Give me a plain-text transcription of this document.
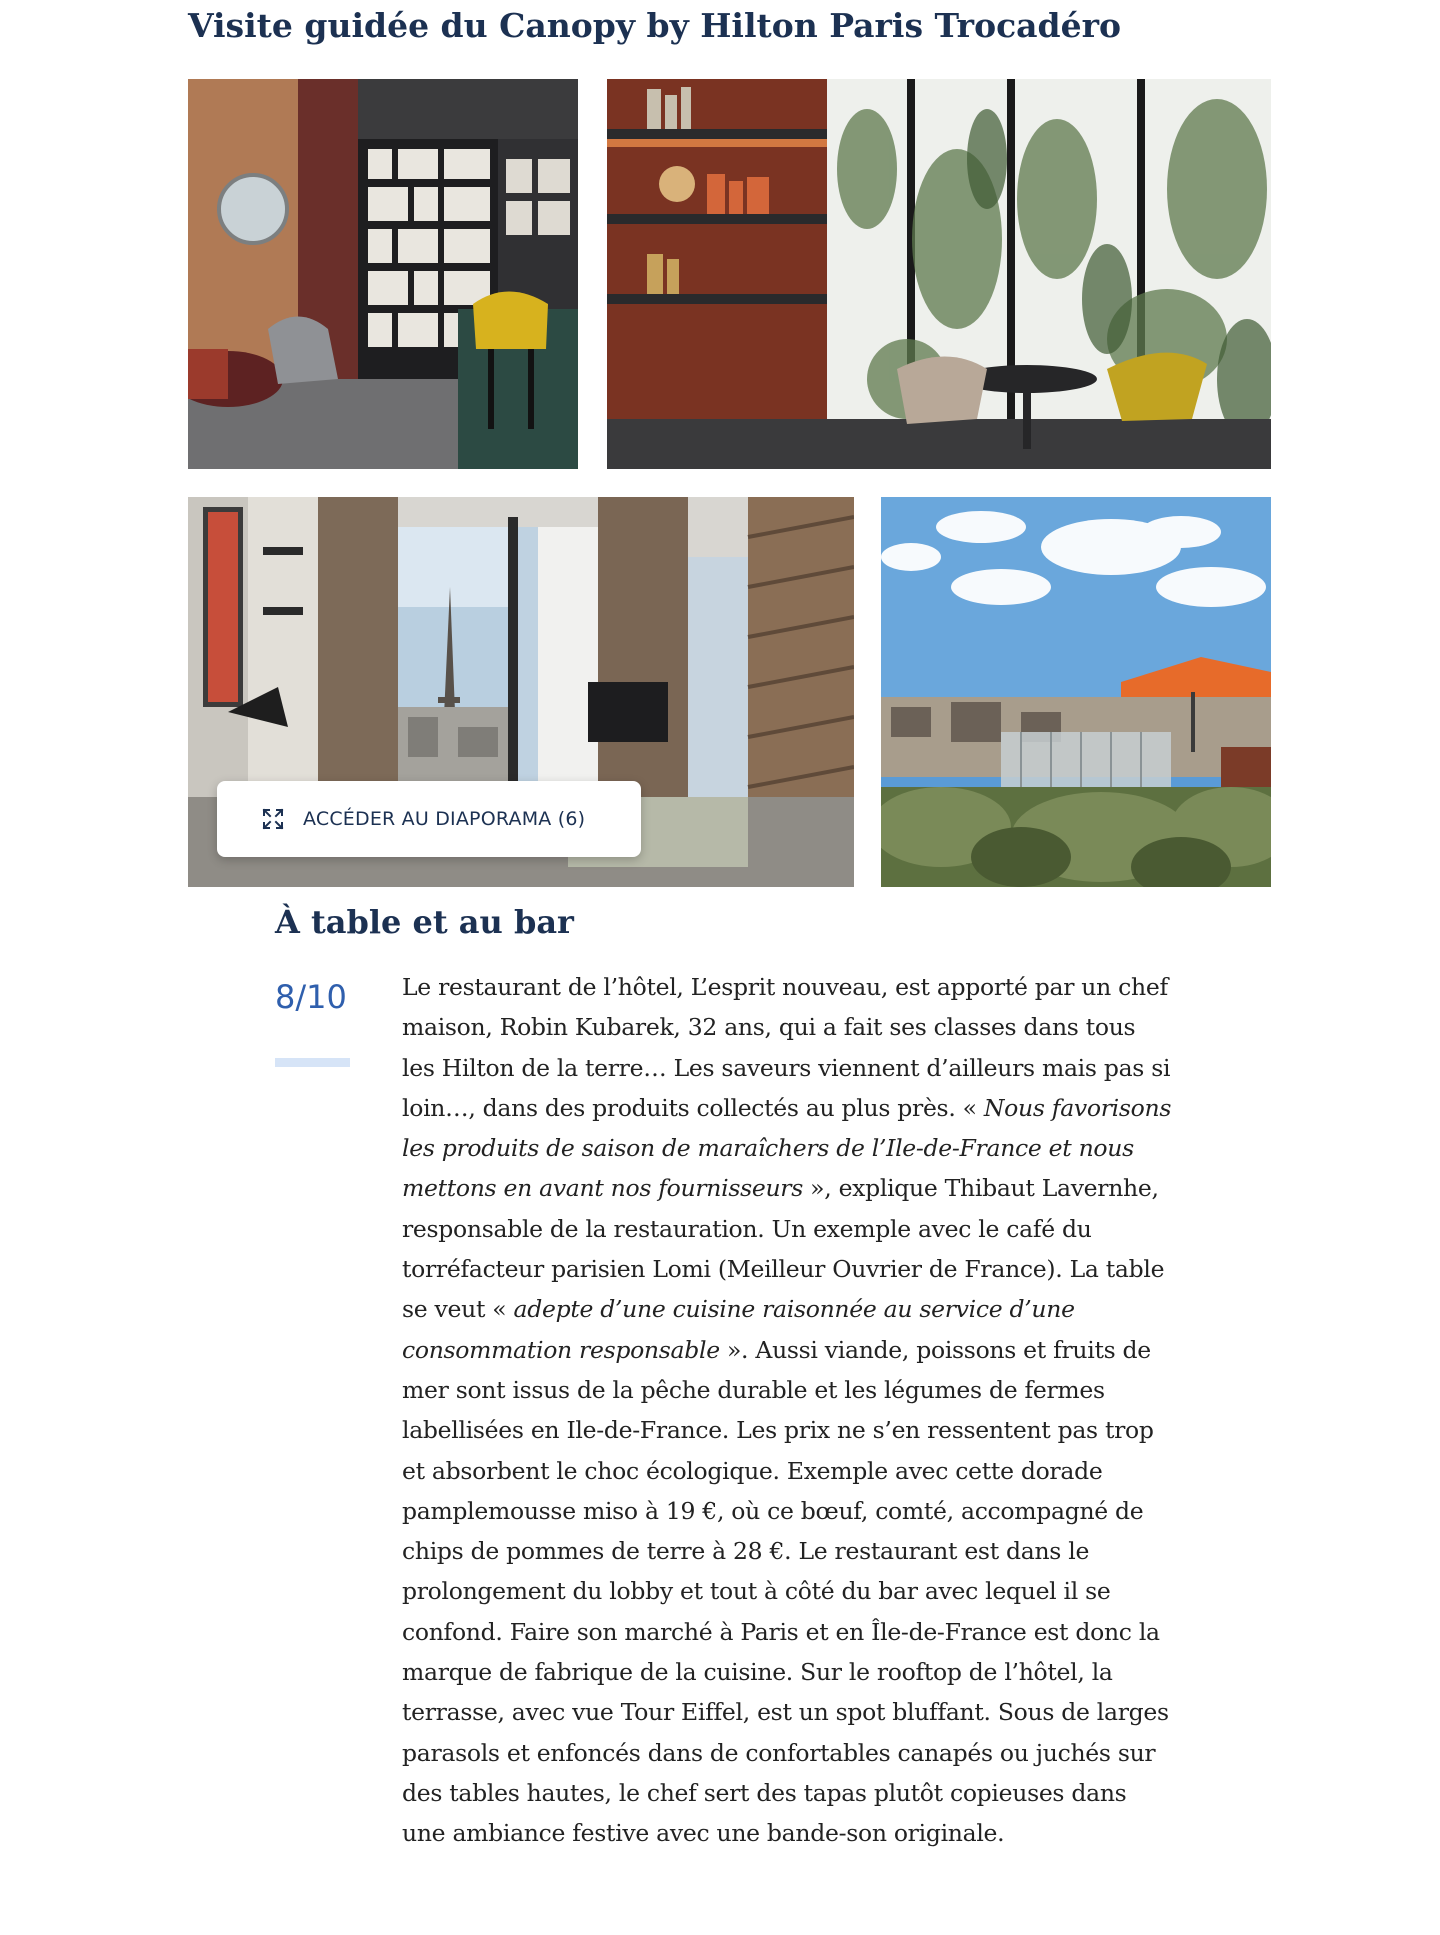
Visite guidée du Canopy by Hilton Paris Trocadéro
ACCÉDER AU DIAPORAMA (6)
À table et au bar
8/10 Le restaurant de l’hôtel, L’esprit nouveau, est apporté par un chef maison, Robin Kubarek, 32 ans, qui a fait ses classes dans tous les Hilton de la terre… Les saveurs viennent d’ailleurs mais pas si loin…, dans des produits collectés au plus près. « Nous favorisons les produits de saison de maraîchers de l’Ile-de-France et nous mettons en avant nos fournisseurs », explique Thibaut Lavernhe, responsable de la restauration. Un exemple avec le café du torréfacteur parisien Lomi (Meilleur Ouvrier de France). La table se veut « adepte d’une cuisine raisonnée au service d’une consommation responsable ». Aussi viande, poissons et fruits de mer sont issus de la pêche durable et les légumes de fermes labellisées en Ile-de-France. Les prix ne s’en ressentent pas trop et absorbent le choc écologique. Exemple avec cette dorade pamplemousse miso à 19 €, où ce bœuf, comté, accompagné de chips de pommes de terre à 28 €. Le restaurant est dans le prolongement du lobby et tout à côté du bar avec lequel il se confond. Faire son marché à Paris et en Île-de-France est donc la marque de fabrique de la cuisine. Sur le rooftop de l’hôtel, la terrasse, avec vue Tour Eiffel, est un spot bluffant. Sous de larges parasols et enfoncés dans de confortables canapés ou juchés sur des tables hautes, le chef sert des tapas plutôt copieuses dans une ambiance festive avec une bande-son originale.
